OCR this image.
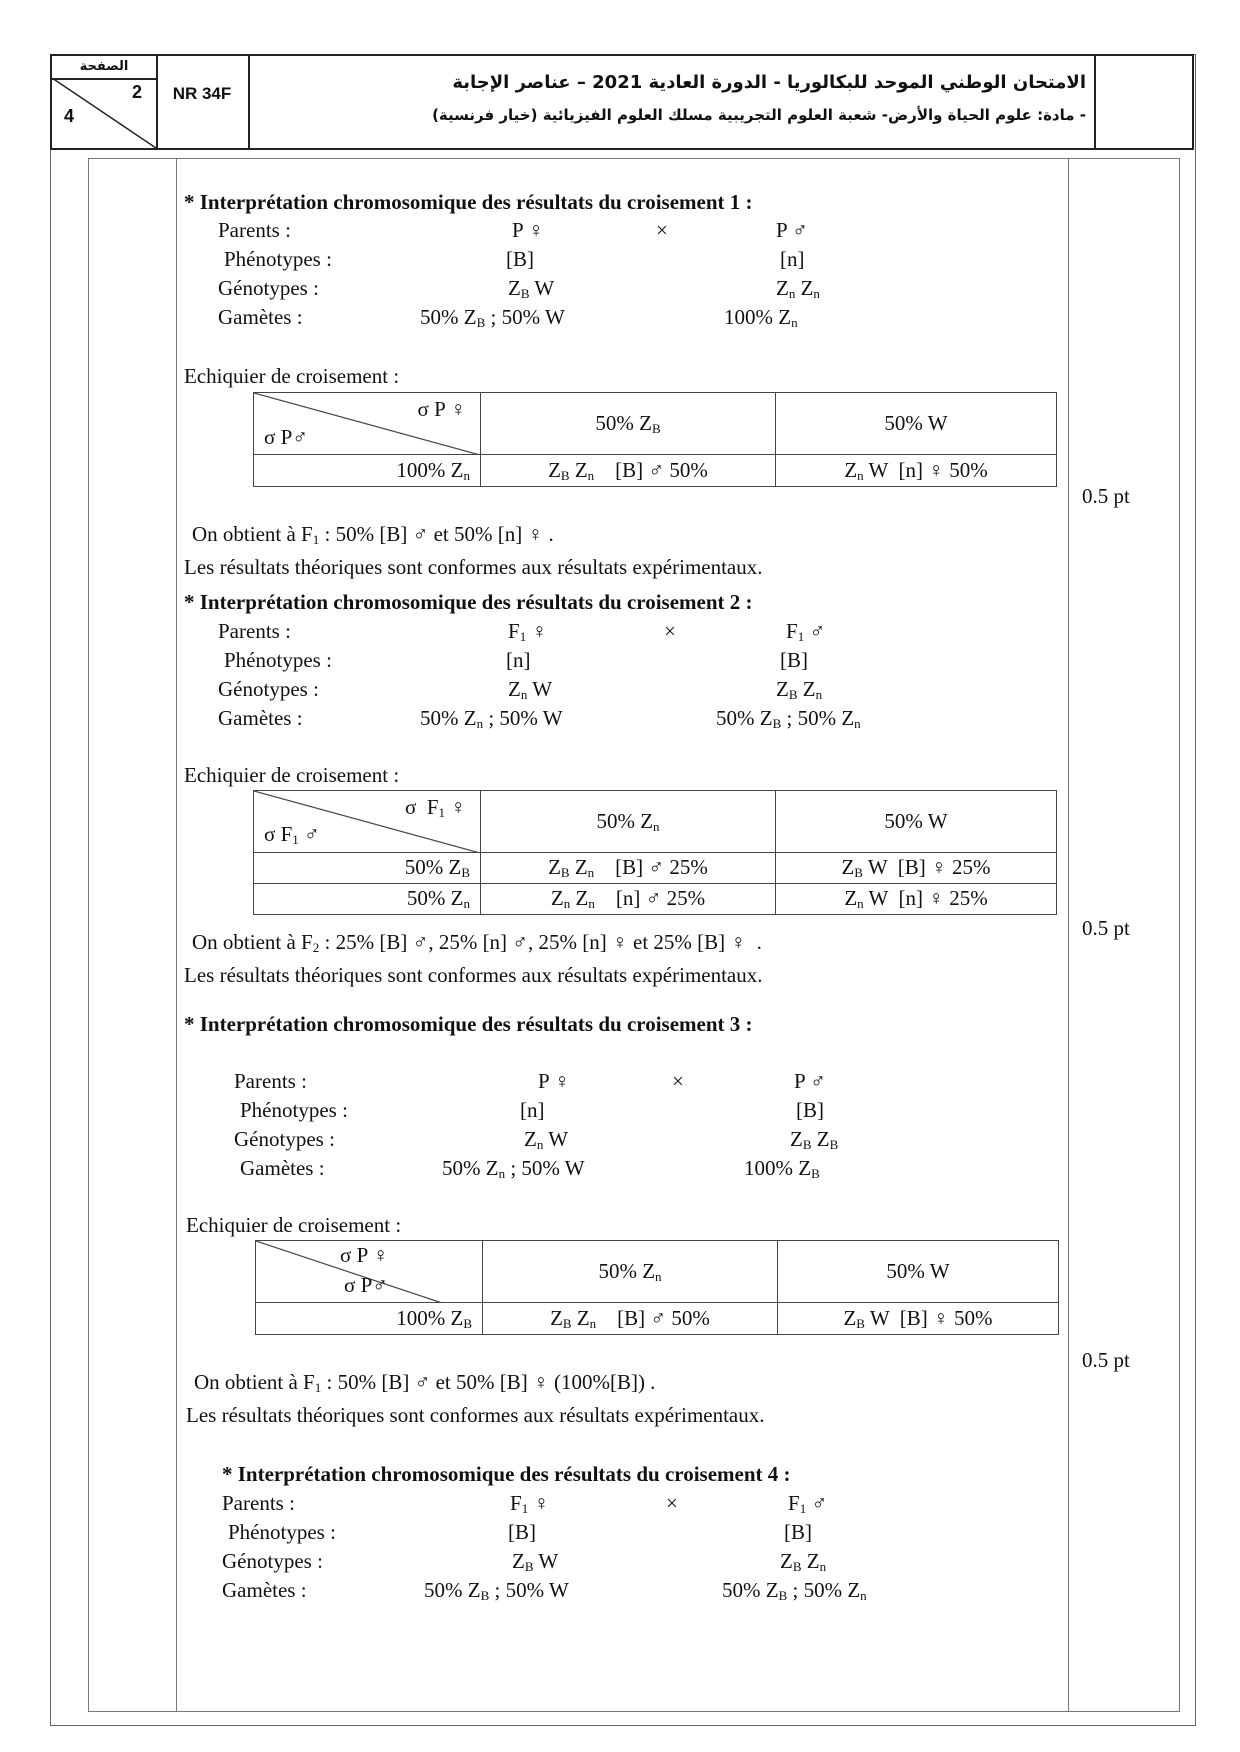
الصفحة
2
4
NR 34F
الامتحان الوطني الموحد للبكالوريا - الدورة العادية 2021 – عناصر الإجابة
- مادة: علوم الحياة والأرض- شعبة العلوم التجريبية مسلك العلوم الفيزيائية (خيار فرنسية)
* Interprétation chromosomique des résultats du croisement 1 :
Parents :	P ♀	×	P ♂
Phénotypes :	[B]	[n]
Génotypes :	$Z_B$ W	$Z_n$ $Z_n$
Gamètes :	50% $Z_B$ ; 50% W	100% $Z_n$
Echiquier de croisement :
σ P ♀
σ P♂	50% $Z_B$	50% W
100% $Z_n$	$Z_B$ $Z_n$    [B] ♂ 50%	$Z_n$ W  [n] ♀ 50%
0.5 pt
On obtient à $F_1$ : 50% [B] ♂ et 50% [n] ♀ .
Les résultats théoriques sont conformes aux résultats expérimentaux.
* Interprétation chromosomique des résultats du croisement 2 :
Parents :	$F_1$ ♀	×	$F_1$ ♂
Phénotypes :	[n]	[B]
Génotypes :	$Z_n$ W	$Z_B$ $Z_n$
Gamètes :	50% $Z_n$ ; 50% W	50% $Z_B$ ; 50% $Z_n$
Echiquier de croisement :
σ  $F_1$ ♀
σ $F_1$ ♂	50% $Z_n$	50% W
50% $Z_B$	$Z_B$ $Z_n$    [B] ♂ 25%	$Z_B$ W  [B] ♀ 25%
50% $Z_n$	$Z_n$ $Z_n$    [n] ♂ 25%	$Z_n$ W  [n] ♀ 25%
0.5 pt
On obtient à $F_2$ : 25% [B] ♂, 25% [n] ♂, 25% [n] ♀ et 25% [B] ♀  .
Les résultats théoriques sont conformes aux résultats expérimentaux.
* Interprétation chromosomique des résultats du croisement 3 :
Parents :	P ♀	×	P ♂
Phénotypes :	[n]	[B]
Génotypes :	$Z_n$ W	$Z_B$ $Z_B$
Gamètes :	50% $Z_n$ ; 50% W	100% $Z_B$
Echiquier de croisement :
σ P ♀
σ P♂	50% $Z_n$	50% W
100% $Z_B$	$Z_B$ $Z_n$    [B] ♂ 50%	$Z_B$ W  [B] ♀ 50%
0.5 pt
On obtient à $F_1$ : 50% [B] ♂ et 50% [B] ♀ (100%[B]) .
Les résultats théoriques sont conformes aux résultats expérimentaux.
* Interprétation chromosomique des résultats du croisement 4 :
Parents :	$F_1$ ♀	×	$F_1$ ♂
Phénotypes :	[B]	[B]
Génotypes :	$Z_B$ W	$Z_B$ $Z_n$
Gamètes :	50% $Z_B$ ; 50% W	50% $Z_B$ ; 50% $Z_n$
